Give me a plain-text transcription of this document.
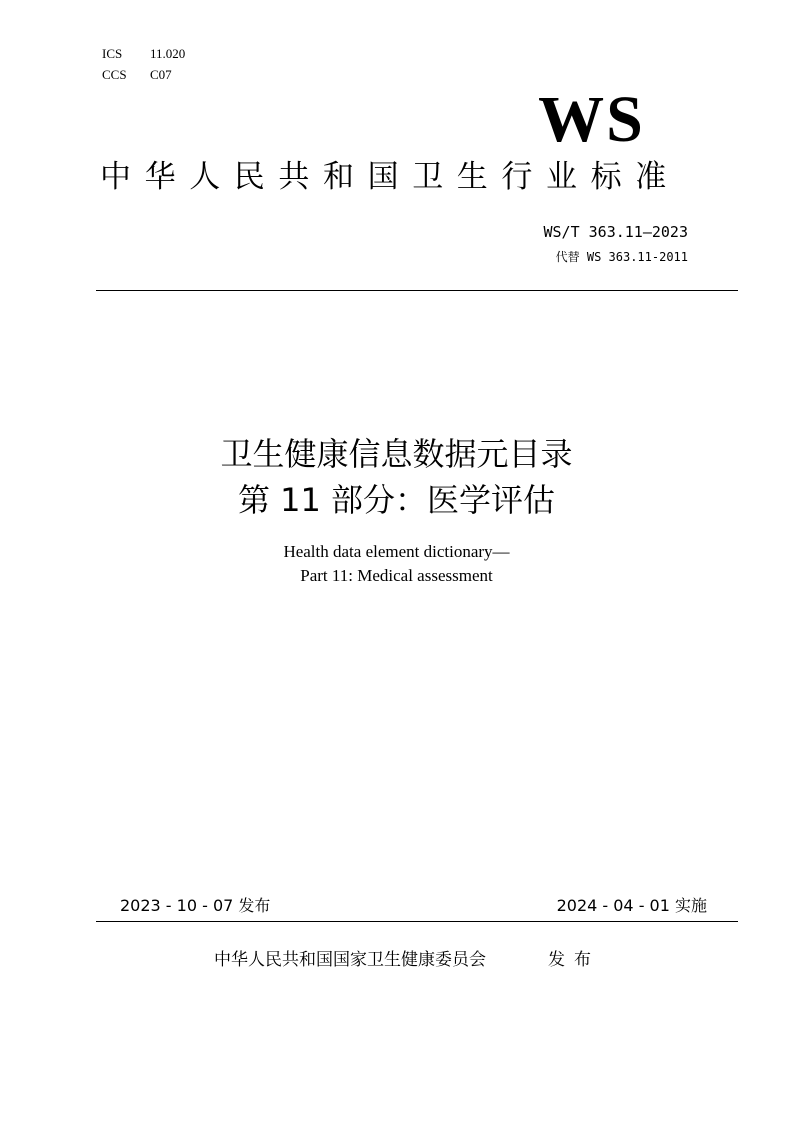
ICS 11.020
CCS C07
WS
中华人民共和国卫生行业标准
WS/T 363.11—2023
代替 WS 363.11-2011
卫生健康信息数据元目录
第 11 部分：医学评估
Health data element dictionary—
Part 11: Medical assessment
2023 - 10 - 07 发布	2024 - 04 - 01 实施
中华人民共和国国家卫生健康委员会	发布
